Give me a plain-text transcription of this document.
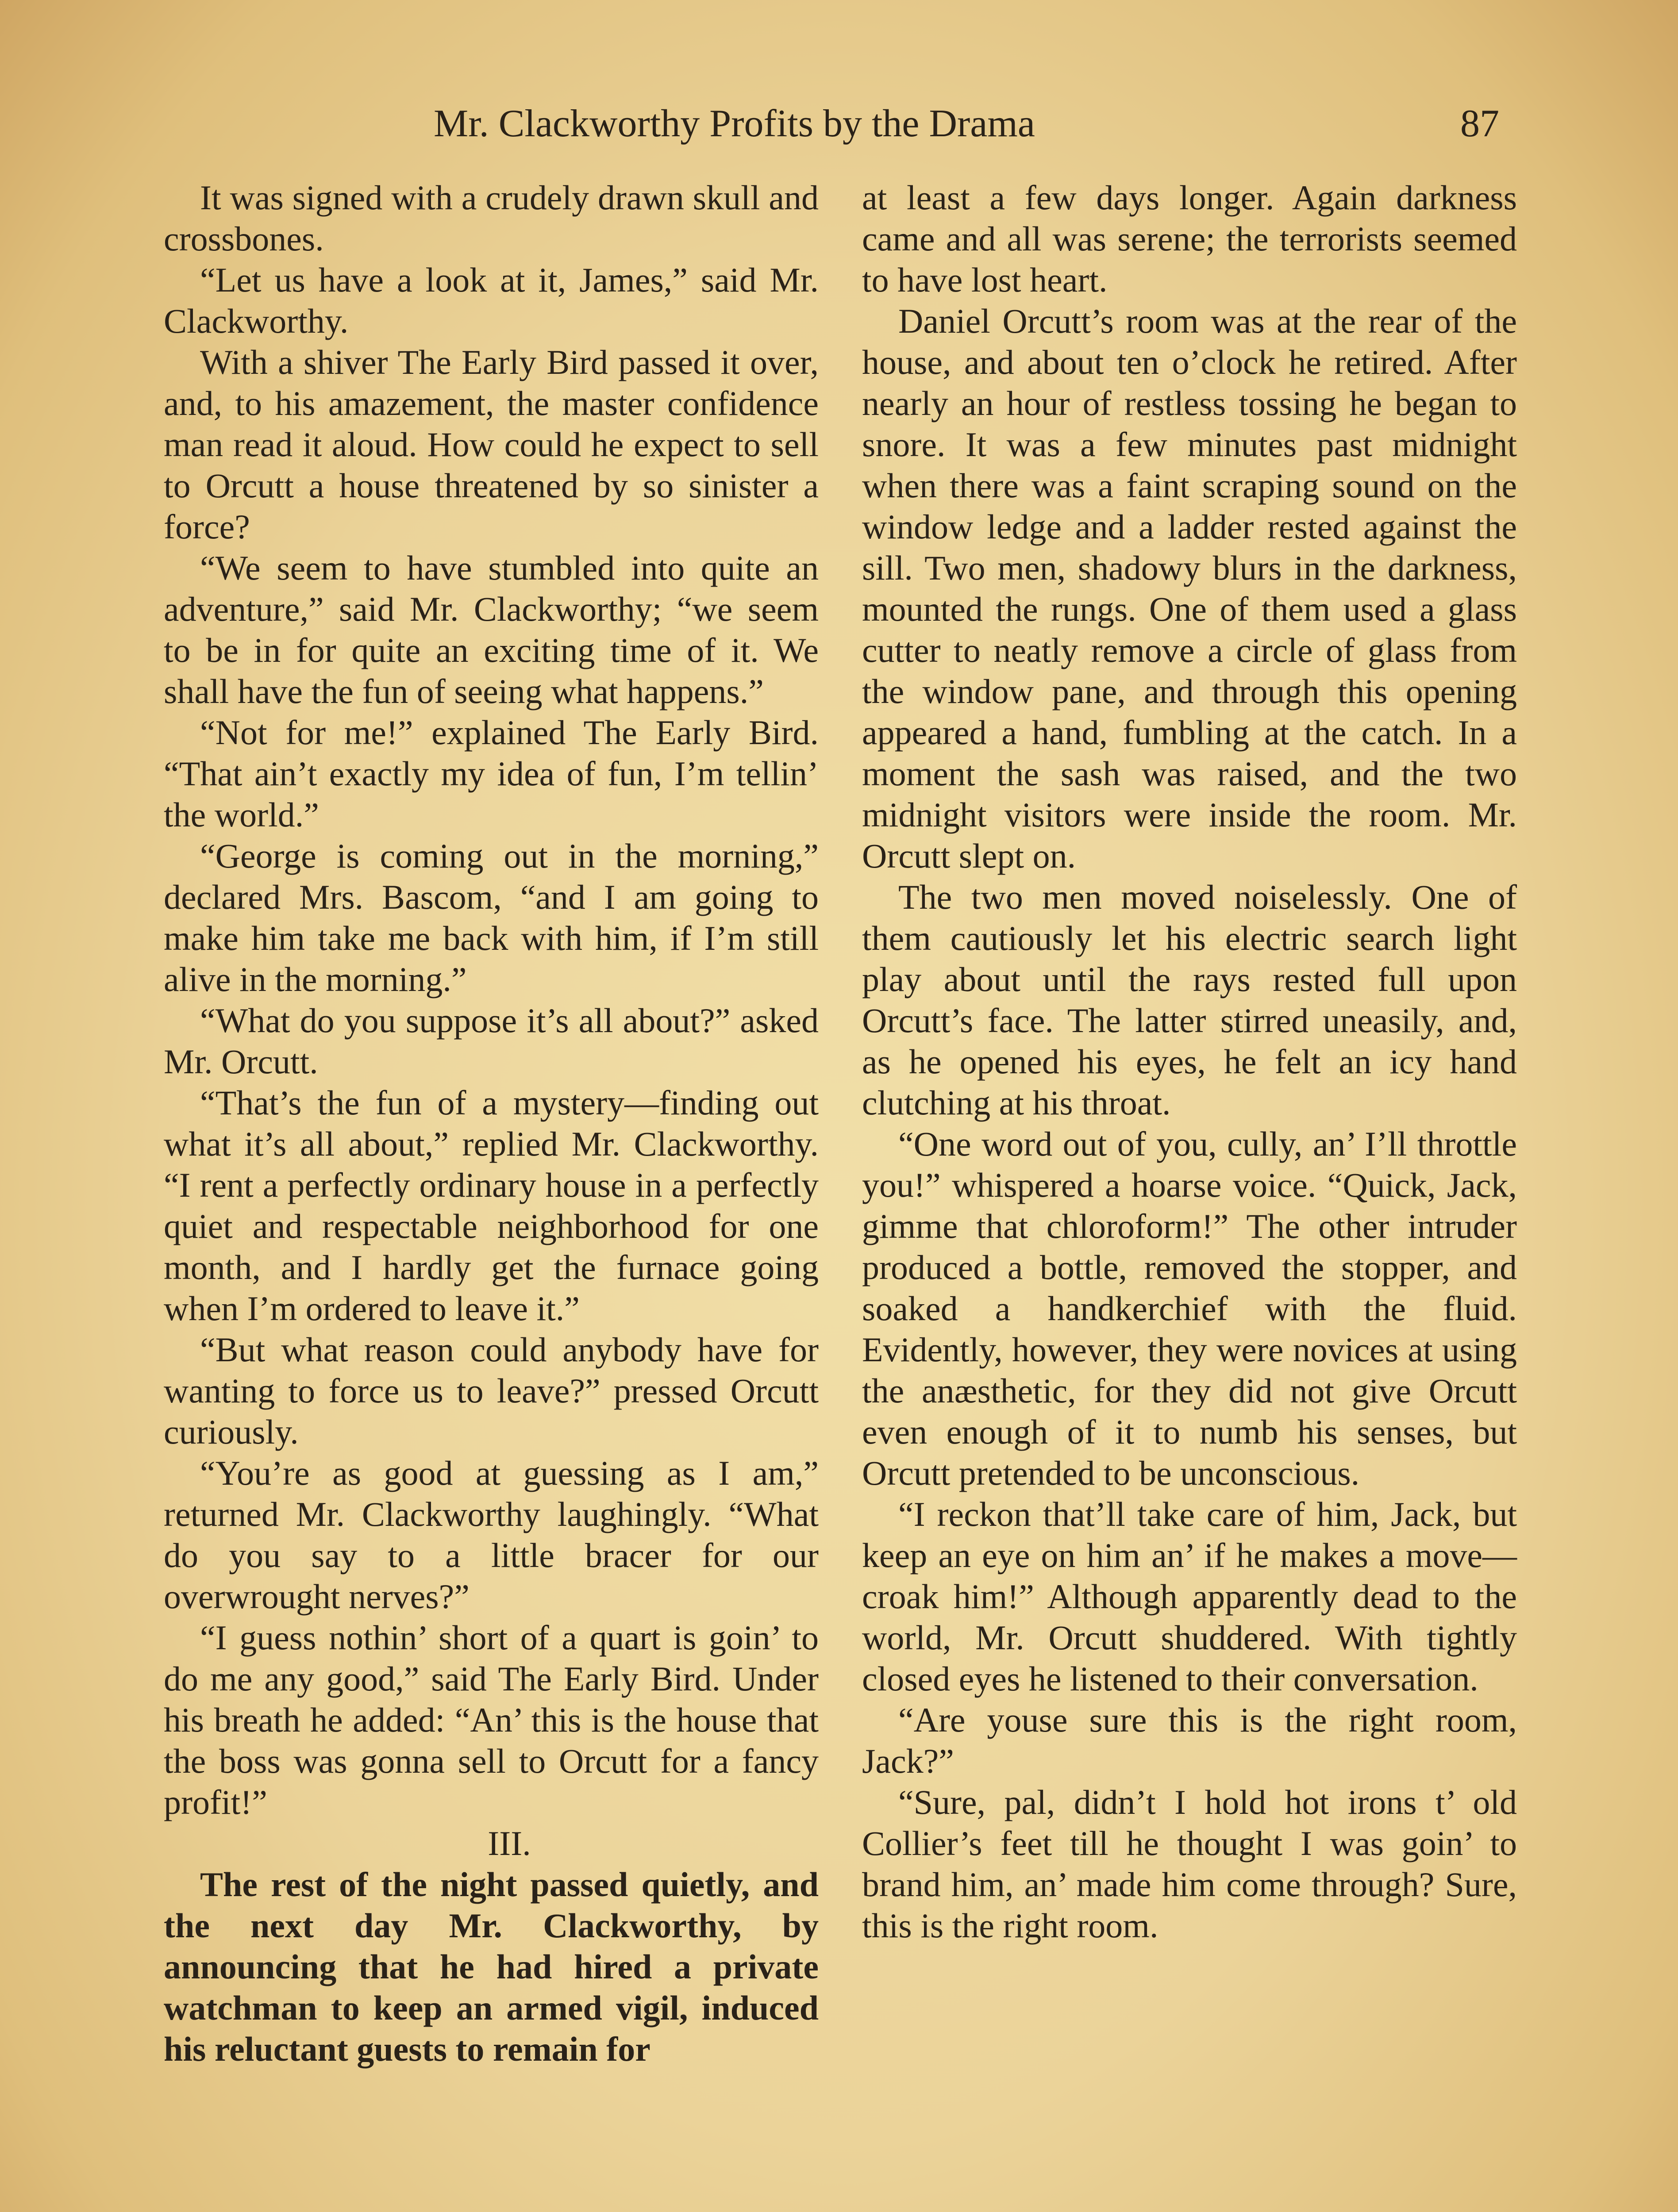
Mr. Clackworthy Profits by the Drama	87

It was signed with a crudely drawn skull and crossbones.

“Let us have a look at it, James,” said Mr. Clackworthy.

With a shiver The Early Bird passed it over, and, to his amazement, the master confidence man read it aloud. How could he expect to sell to Orcutt a house threatened by so sinister a force?

“We seem to have stumbled into quite an adventure,” said Mr. Clackworthy; “we seem to be in for quite an exciting time of it. We shall have the fun of seeing what happens.”

“Not for me!” explained The Early Bird. “That ain’t exactly my idea of fun, I’m tellin’ the world.”

“George is coming out in the morning,” declared Mrs. Bascom, “and I am going to make him take me back with him, if I’m still alive in the morning.”

“What do you suppose it’s all about?” asked Mr. Orcutt.

“That’s the fun of a mystery—finding out what it’s all about,” replied Mr. Clackworthy. “I rent a perfectly ordinary house in a perfectly quiet and respectable neighborhood for one month, and I hardly get the furnace going when I’m ordered to leave it.”

“But what reason could anybody have for wanting to force us to leave?” pressed Orcutt curiously.

“You’re as good at guessing as I am,” returned Mr. Clackworthy laughingly. “What do you say to a little bracer for our overwrought nerves?”

“I guess nothin’ short of a quart is goin’ to do me any good,” said The Early Bird. Under his breath he added: “An’ this is the house that the boss was gonna sell to Orcutt for a fancy profit!”

III.

The rest of the night passed quietly, and the next day Mr. Clackworthy, by announcing that he had hired a private watchman to keep an armed vigil, induced his reluctant guests to remain for

at least a few days longer. Again darkness came and all was serene; the terrorists seemed to have lost heart.

Daniel Orcutt’s room was at the rear of the house, and about ten o’clock he retired. After nearly an hour of restless tossing he began to snore. It was a few minutes past midnight when there was a faint scraping sound on the window ledge and a ladder rested against the sill. Two men, shadowy blurs in the darkness, mounted the rungs. One of them used a glass cutter to neatly remove a circle of glass from the window pane, and through this opening appeared a hand, fumbling at the catch. In a moment the sash was raised, and the two midnight visitors were inside the room. Mr. Orcutt slept on.

The two men moved noiselessly. One of them cautiously let his electric search light play about until the rays rested full upon Orcutt’s face. The latter stirred uneasily, and, as he opened his eyes, he felt an icy hand clutching at his throat.

“One word out of you, cully, an’ I’ll throttle you!” whispered a hoarse voice. “Quick, Jack, gimme that chloroform!” The other intruder produced a bottle, removed the stopper, and soaked a handkerchief with the fluid. Evidently, however, they were novices at using the anæsthetic, for they did not give Orcutt even enough of it to numb his senses, but Orcutt pretended to be unconscious.

“I reckon that’ll take care of him, Jack, but keep an eye on him an’ if he makes a move—croak him!” Although apparently dead to the world, Mr. Orcutt shuddered. With tightly closed eyes he listened to their conversation.

“Are youse sure this is the right room, Jack?”

“Sure, pal, didn’t I hold hot irons t’ old Collier’s feet till he thought I was goin’ to brand him, an’ made him come through? Sure, this is the right room.
